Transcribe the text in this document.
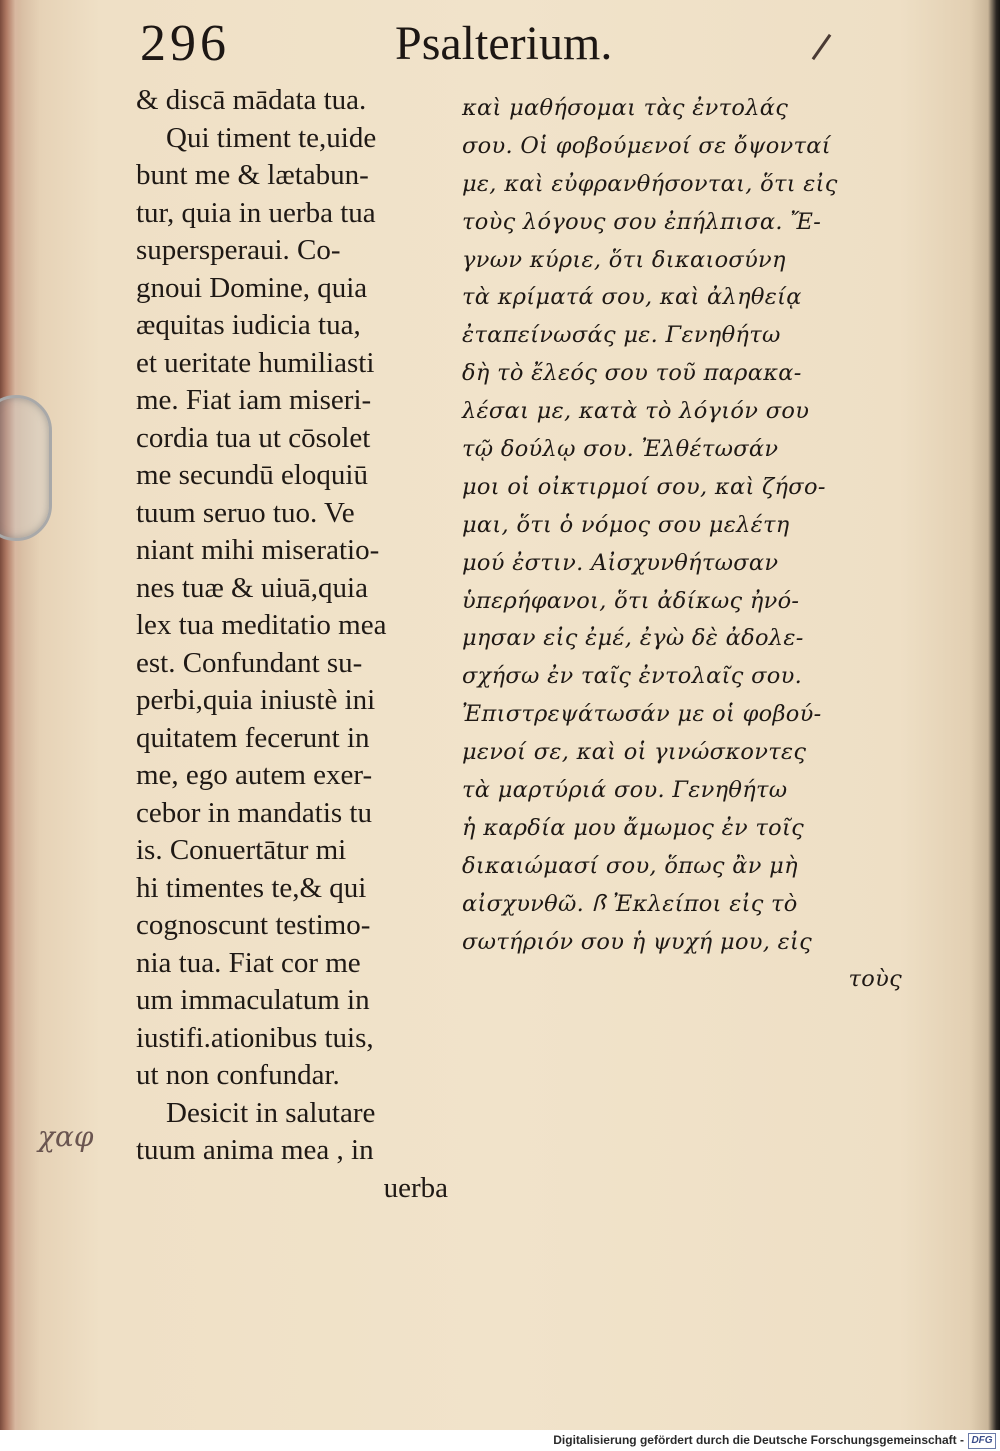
296	Psalterium.
& discā mādata tua.
Qui timent te,uide
bunt me & lætabun-
tur, quia in uerba tua
supersperaui. Co-
gnoui Domine, quia
æquitas iudicia tua,
et ueritate humiliasti
me. Fiat iam miseri-
cordia tua ut cōsolet
me secundū eloquiū
tuum seruo tuo. Ve
niant mihi miseratio-
nes tuæ & uiuā,quia
lex tua meditatio mea
est. Confundant su-
perbi,quia iniustè ini
quitatem fecerunt in
me, ego autem exer-
cebor in mandatis tu
is. Conuertātur mi
hi timentes te,& qui
cognoscunt testimo-
nia tua. Fiat cor me
um immaculatum in
iustifi.ationibus tuis,
ut non confundar.
Desicit in salutare
tuum anima mea , in
uerba
καὶ μαθήσομαι τὰς ἐντολάς
σου. Οἱ φοβούμενοί σε ὄψονταί
με, καὶ εὐφρανθήσονται, ὅτι εἰς
τοὺς λόγους σου ἐπήλπισα. Ἔ-
γνων κύριε, ὅτι δικαιοσύνη
τὰ κρίματά σου, καὶ ἀληθείᾳ
ἐταπείνωσάς με. Γενηθήτω
δὴ τὸ ἔλεός σου τοῦ παρακα-
λέσαι με, κατὰ τὸ λόγιόν σου
τῷ δούλῳ σου. Ἐλθέτωσάν
μοι οἱ οἰκτιρμοί σου, καὶ ζήσο-
μαι, ὅτι ὁ νόμος σου μελέτη
μού ἐστιν. Αἰσχυνθήτωσαν
ὑπερήφανοι, ὅτι ἀδίκως ἠνό-
μησαν εἰς ἐμέ, ἐγὼ δὲ ἀδολε-
σχήσω ἐν ταῖς ἐντολαῖς σου.
Ἐπιστρεψάτωσάν με οἱ φοβού-
μενοί σε, καὶ οἱ γινώσκοντες
τὰ μαρτύριά σου. Γενηθήτω
ἡ καρδία μου ἄμωμος ἐν τοῖς
δικαιώμασί σου, ὅπως ἂν μὴ
αἰσχυνθῶ. ꟗ Ἐκλείποι εἰς τὸ
σωτήριόν σου ἡ ψυχή μου, εἰς
τοὺς
χαφ
Digitalisierung gefördert durch die Deutsche Forschungsgemeinschaft - DFG
